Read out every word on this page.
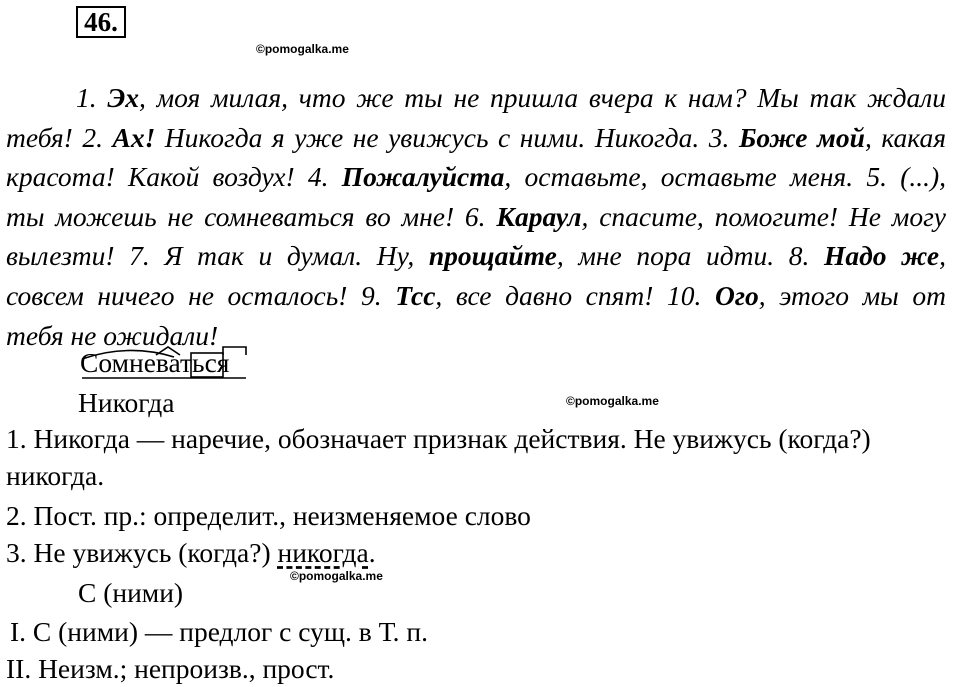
46.
©pomogalka.me
©pomogalka.me
©pomogalka.me
1. Эх, моя милая, что же ты не пришла вчера к нам? Мы так ждали
тебя! 2. Ах! Никогда я уже не увижусь с ними. Никогда. 3. Боже мой, какая
красота! Какой воздух! 4. Пожалуйста, оставьте, оставьте меня. 5. (...),
ты можешь не сомневаться во мне! 6. Караул, спасите, помогите! Не могу
вылезти! 7. Я так и думал. Ну, прощайте, мне пора идти. 8. Надо же,
совсем ничего не осталось! 9. Тсс, все давно спят! 10. Ого, этого мы от
тебя не ожидали!
Сомневаться
Никогда
1. Никогда — наречие, обозначает признак действия. Не увижусь (когда?)
никогда.
2. Пост. пр.: определит., неизменяемое слово
3. Не увижусь (когда?) никогда.
С (ними)
I. С (ними) — предлог с сущ. в Т. п.
II. Неизм.; непроизв., прост.
